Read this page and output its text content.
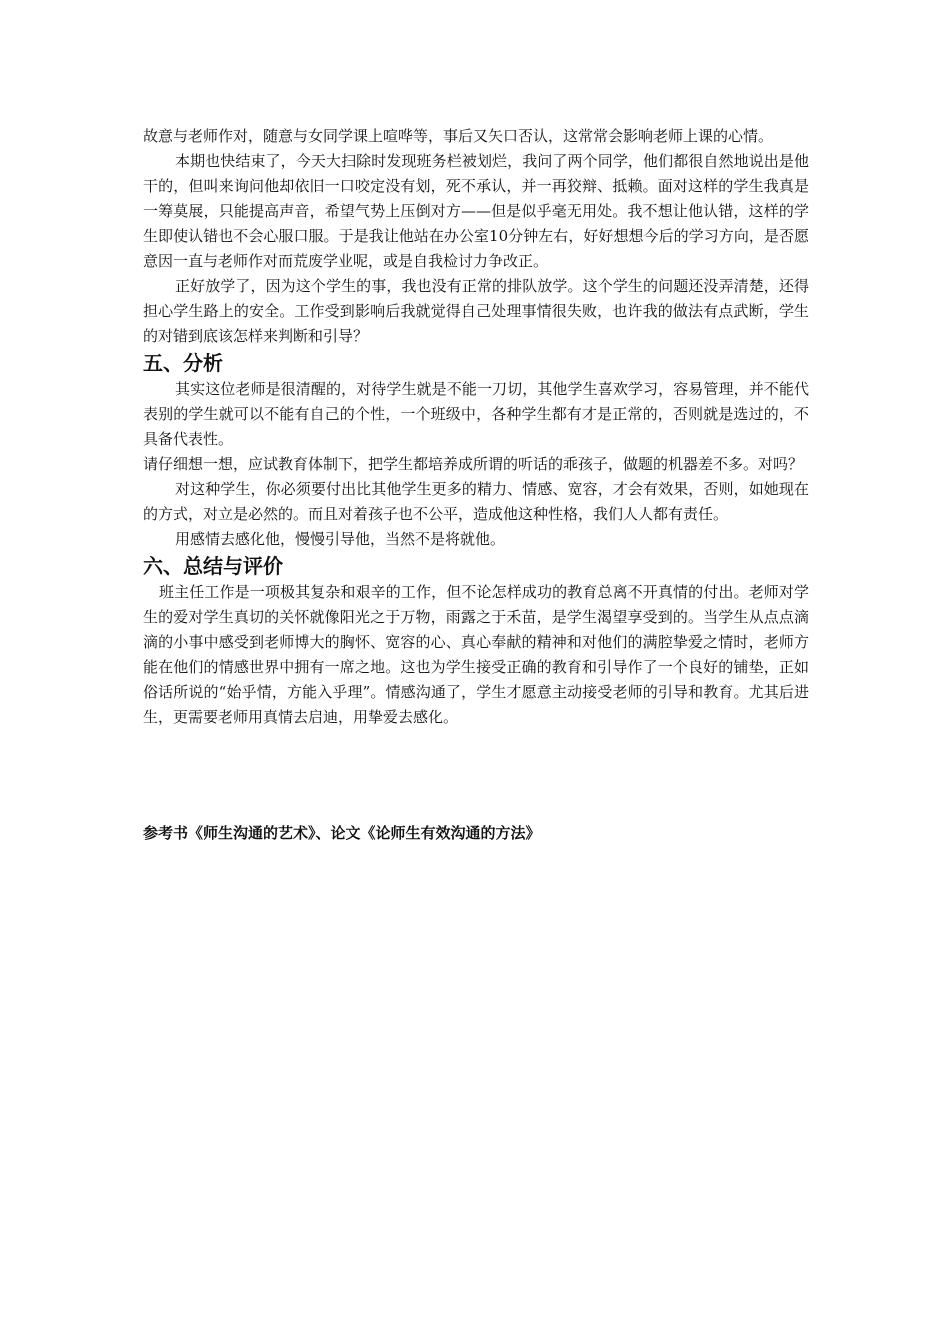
故意与老师作对，随意与女同学课上喧哗等，事后又矢口否认，这常常会影响老师上课的心情。

本期也快结束了，今天大扫除时发现班务栏被划烂，我问了两个同学，他们都很自然地说出是他干的，但叫来询问他却依旧一口咬定没有划，死不承认，并一再狡辩、抵赖。面对这样的学生我真是一筹莫展，只能提高声音，希望气势上压倒对方——但是似乎毫无用处。我不想让他认错，这样的学生即使认错也不会心服口服。于是我让他站在办公室10分钟左右，好好想想今后的学习方向，是否愿意因一直与老师作对而荒废学业呢，或是自我检讨力争改正。

正好放学了，因为这个学生的事，我也没有正常的排队放学。这个学生的问题还没弄清楚，还得担心学生路上的安全。工作受到影响后我就觉得自己处理事情很失败，也许我的做法有点武断，学生的对错到底该怎样来判断和引导？

五、分析

其实这位老师是很清醒的，对待学生就是不能一刀切，其他学生喜欢学习，容易管理，并不能代表别的学生就可以不能有自己的个性，一个班级中，各种学生都有才是正常的，否则就是选过的，不具备代表性。

请仔细想一想，应试教育体制下，把学生都培养成所谓的听话的乖孩子，做题的机器差不多。对吗？

对这种学生，你必须要付出比其他学生更多的精力、情感、宽容，才会有效果，否则，如她现在的方式，对立是必然的。而且对着孩子也不公平，造成他这种性格，我们人人都有责任。

用感情去感化他，慢慢引导他，当然不是将就他。

六、总结与评价

班主任工作是一项极其复杂和艰辛的工作，但不论怎样成功的教育总离不开真情的付出。老师对学生的爱对学生真切的关怀就像阳光之于万物，雨露之于禾苗，是学生渴望享受到的。当学生从点点滴滴的小事中感受到老师博大的胸怀、宽容的心、真心奉献的精神和对他们的满腔挚爱之情时，老师方能在他们的情感世界中拥有一席之地。这也为学生接受正确的教育和引导作了一个良好的铺垫，正如俗话所说的“始乎情，方能入乎理”。情感沟通了，学生才愿意主动接受老师的引导和教育。尤其后进生，更需要老师用真情去启迪，用挚爱去感化。

参考书《师生沟通的艺术》、论文《论师生有效沟通的方法》
